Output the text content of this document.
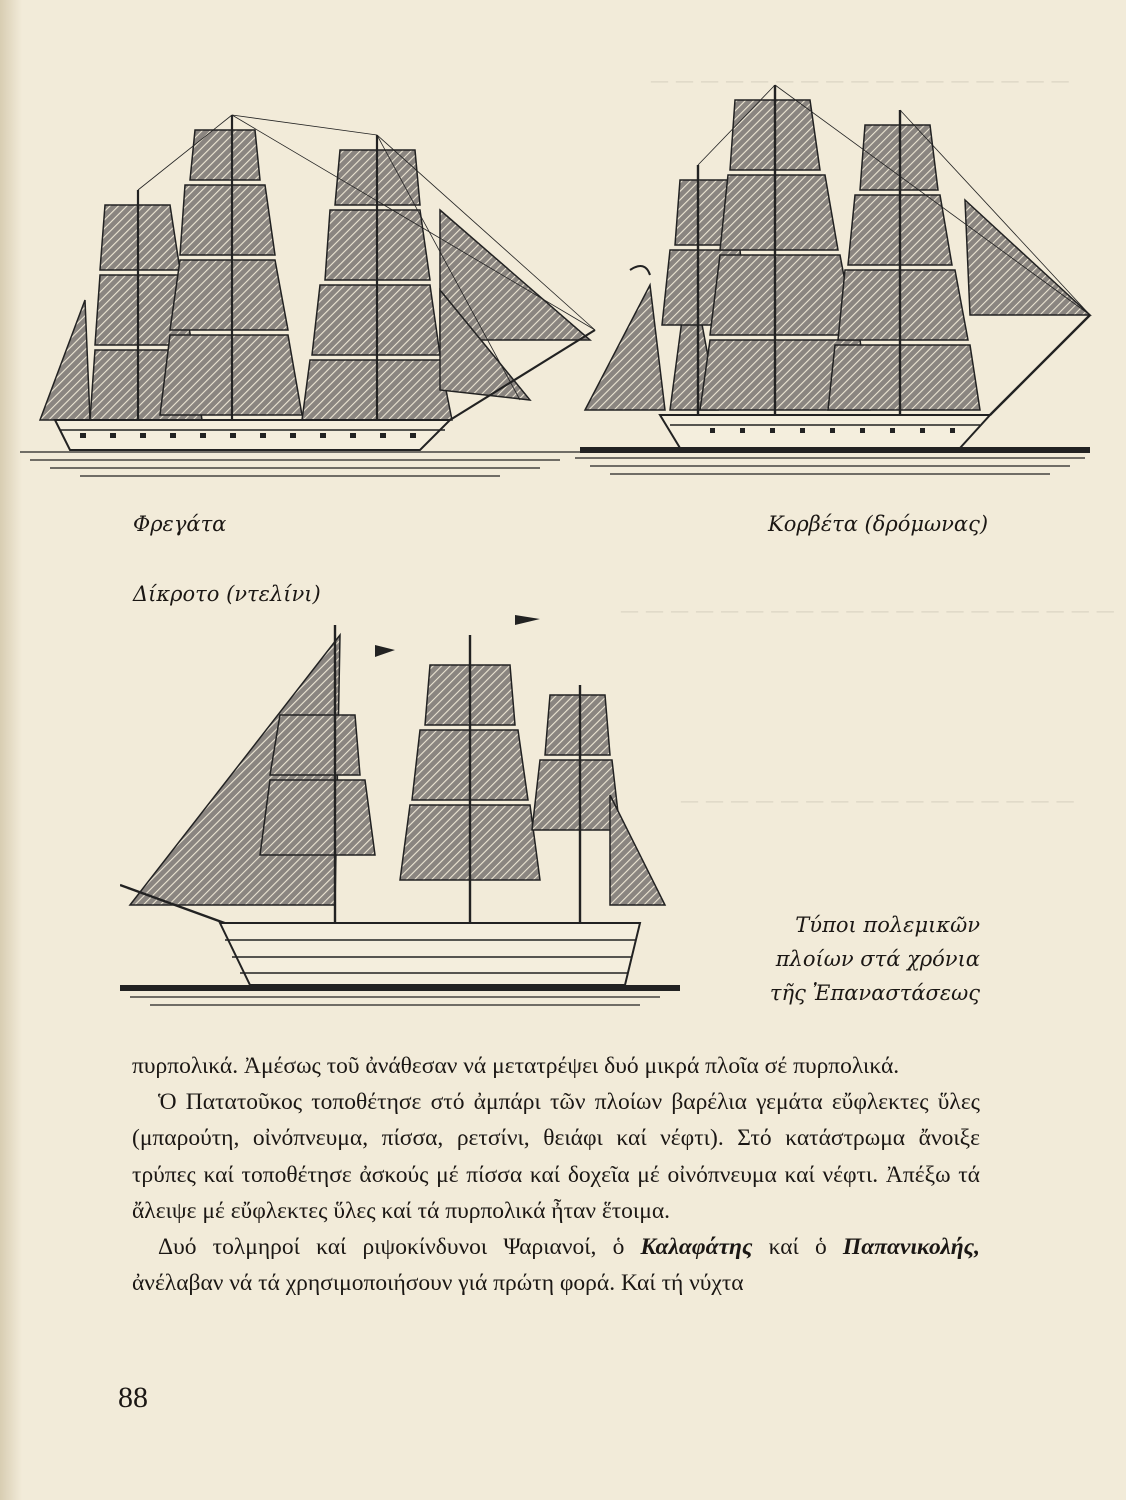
— — — — — — — — — — — — — — — — —
— — — — — — — — — — — — — — — — — — — —
— — — — — — — — — — — — — — — —
Φρεγάτα	Κορβέτα (δρόμωνας)
Δίκροτο (ντελίνι)
Τύποι πολεμικῶν
πλοίων στά χρόνια
τῆς Ἐπαναστάσεως

πυρπολικά. Ἀμέσως τοῦ ἀνάθεσαν νά μετατρέψει δυό μικρά πλοῖα σέ πυρπολικά.

Ὁ Πατατοῦκος τοποθέτησε στό ἀμπάρι τῶν πλοίων βαρέλια γεμάτα εὔφλεκτες ὕλες (μπαρούτη, οἰνόπνευμα, πίσσα, ρετσίνι, θειάφι καί νέφτι). Στό κατάστρωμα ἄνοιξε τρύπες καί τοποθέτησε ἀσκούς μέ πίσσα καί δοχεῖα μέ οἰνόπνευμα καί νέφτι. Ἀπέξω τά ἄλειψε μέ εὔφλεκτες ὕλες καί τά πυρπολικά ἦταν ἕτοιμα.

Δυό τολμηροί καί ριψοκίνδυνοι Ψαριανοί, ὁ Καλαφάτης καί ὁ Παπανικολής, ἀνέλαβαν νά τά χρησιμοποιήσουν γιά πρώτη φορά. Καί τή νύχτα

88
